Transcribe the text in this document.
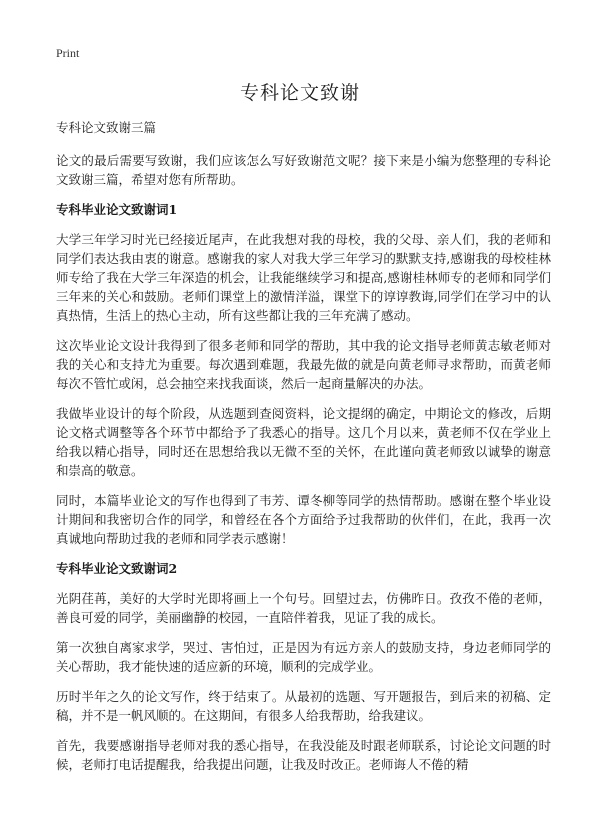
Print
专科论文致谢

专科论文致谢三篇

论文的最后需要写致谢，我们应该怎么写好致谢范文呢？接下来是小编为您整理的专科论文致谢三篇，希望对您有所帮助。

专科毕业论文致谢词1

大学三年学习时光已经接近尾声，在此我想对我的母校，我的父母、亲人们，我的老师和同学们表达我由衷的谢意。感谢我的家人对我大学三年学习的默默支持,感谢我的母校桂林师专给了我在大学三年深造的机会，让我能继续学习和提高,感谢桂林师专的老师和同学们三年来的关心和鼓励。老师们课堂上的激情洋溢，课堂下的谆谆教诲,同学们在学习中的认真热情，生活上的热心主动，所有这些都让我的三年充满了感动。

这次毕业论文设计我得到了很多老师和同学的帮助，其中我的论文指导老师黄志敏老师对我的关心和支持尤为重要。每次遇到难题，我最先做的就是向黄老师寻求帮助，而黄老师每次不管忙或闲，总会抽空来找我面谈，然后一起商量解决的办法。

我做毕业设计的每个阶段，从选题到查阅资料，论文提纲的确定，中期论文的修改，后期论文格式调整等各个环节中都给予了我悉心的指导。这几个月以来，黄老师不仅在学业上给我以精心指导，同时还在思想给我以无微不至的关怀，在此谨向黄老师致以诚挚的谢意和崇高的敬意。

同时，本篇毕业论文的写作也得到了韦芳、谭冬柳等同学的热情帮助。感谢在整个毕业设计期间和我密切合作的同学，和曾经在各个方面给予过我帮助的伙伴们，在此，我再一次真诚地向帮助过我的老师和同学表示感谢！

专科毕业论文致谢词2

光阴荏苒，美好的大学时光即将画上一个句号。回望过去，仿佛昨日。孜孜不倦的老师，善良可爱的同学，美丽幽静的校园，一直陪伴着我，见证了我的成长。

第一次独自离家求学，哭过、害怕过，正是因为有远方亲人的鼓励支持，身边老师同学的关心帮助，我才能快速的适应新的环境，顺利的完成学业。

历时半年之久的论文写作，终于结束了。从最初的选题、写开题报告，到后来的初稿、定稿，并不是一帆风顺的。在这期间，有很多人给我帮助，给我建议。

首先，我要感谢指导老师对我的悉心指导，在我没能及时跟老师联系，讨论论文问题的时候，老师打电话提醒我，给我提出问题，让我及时改正。老师诲人不倦的精
